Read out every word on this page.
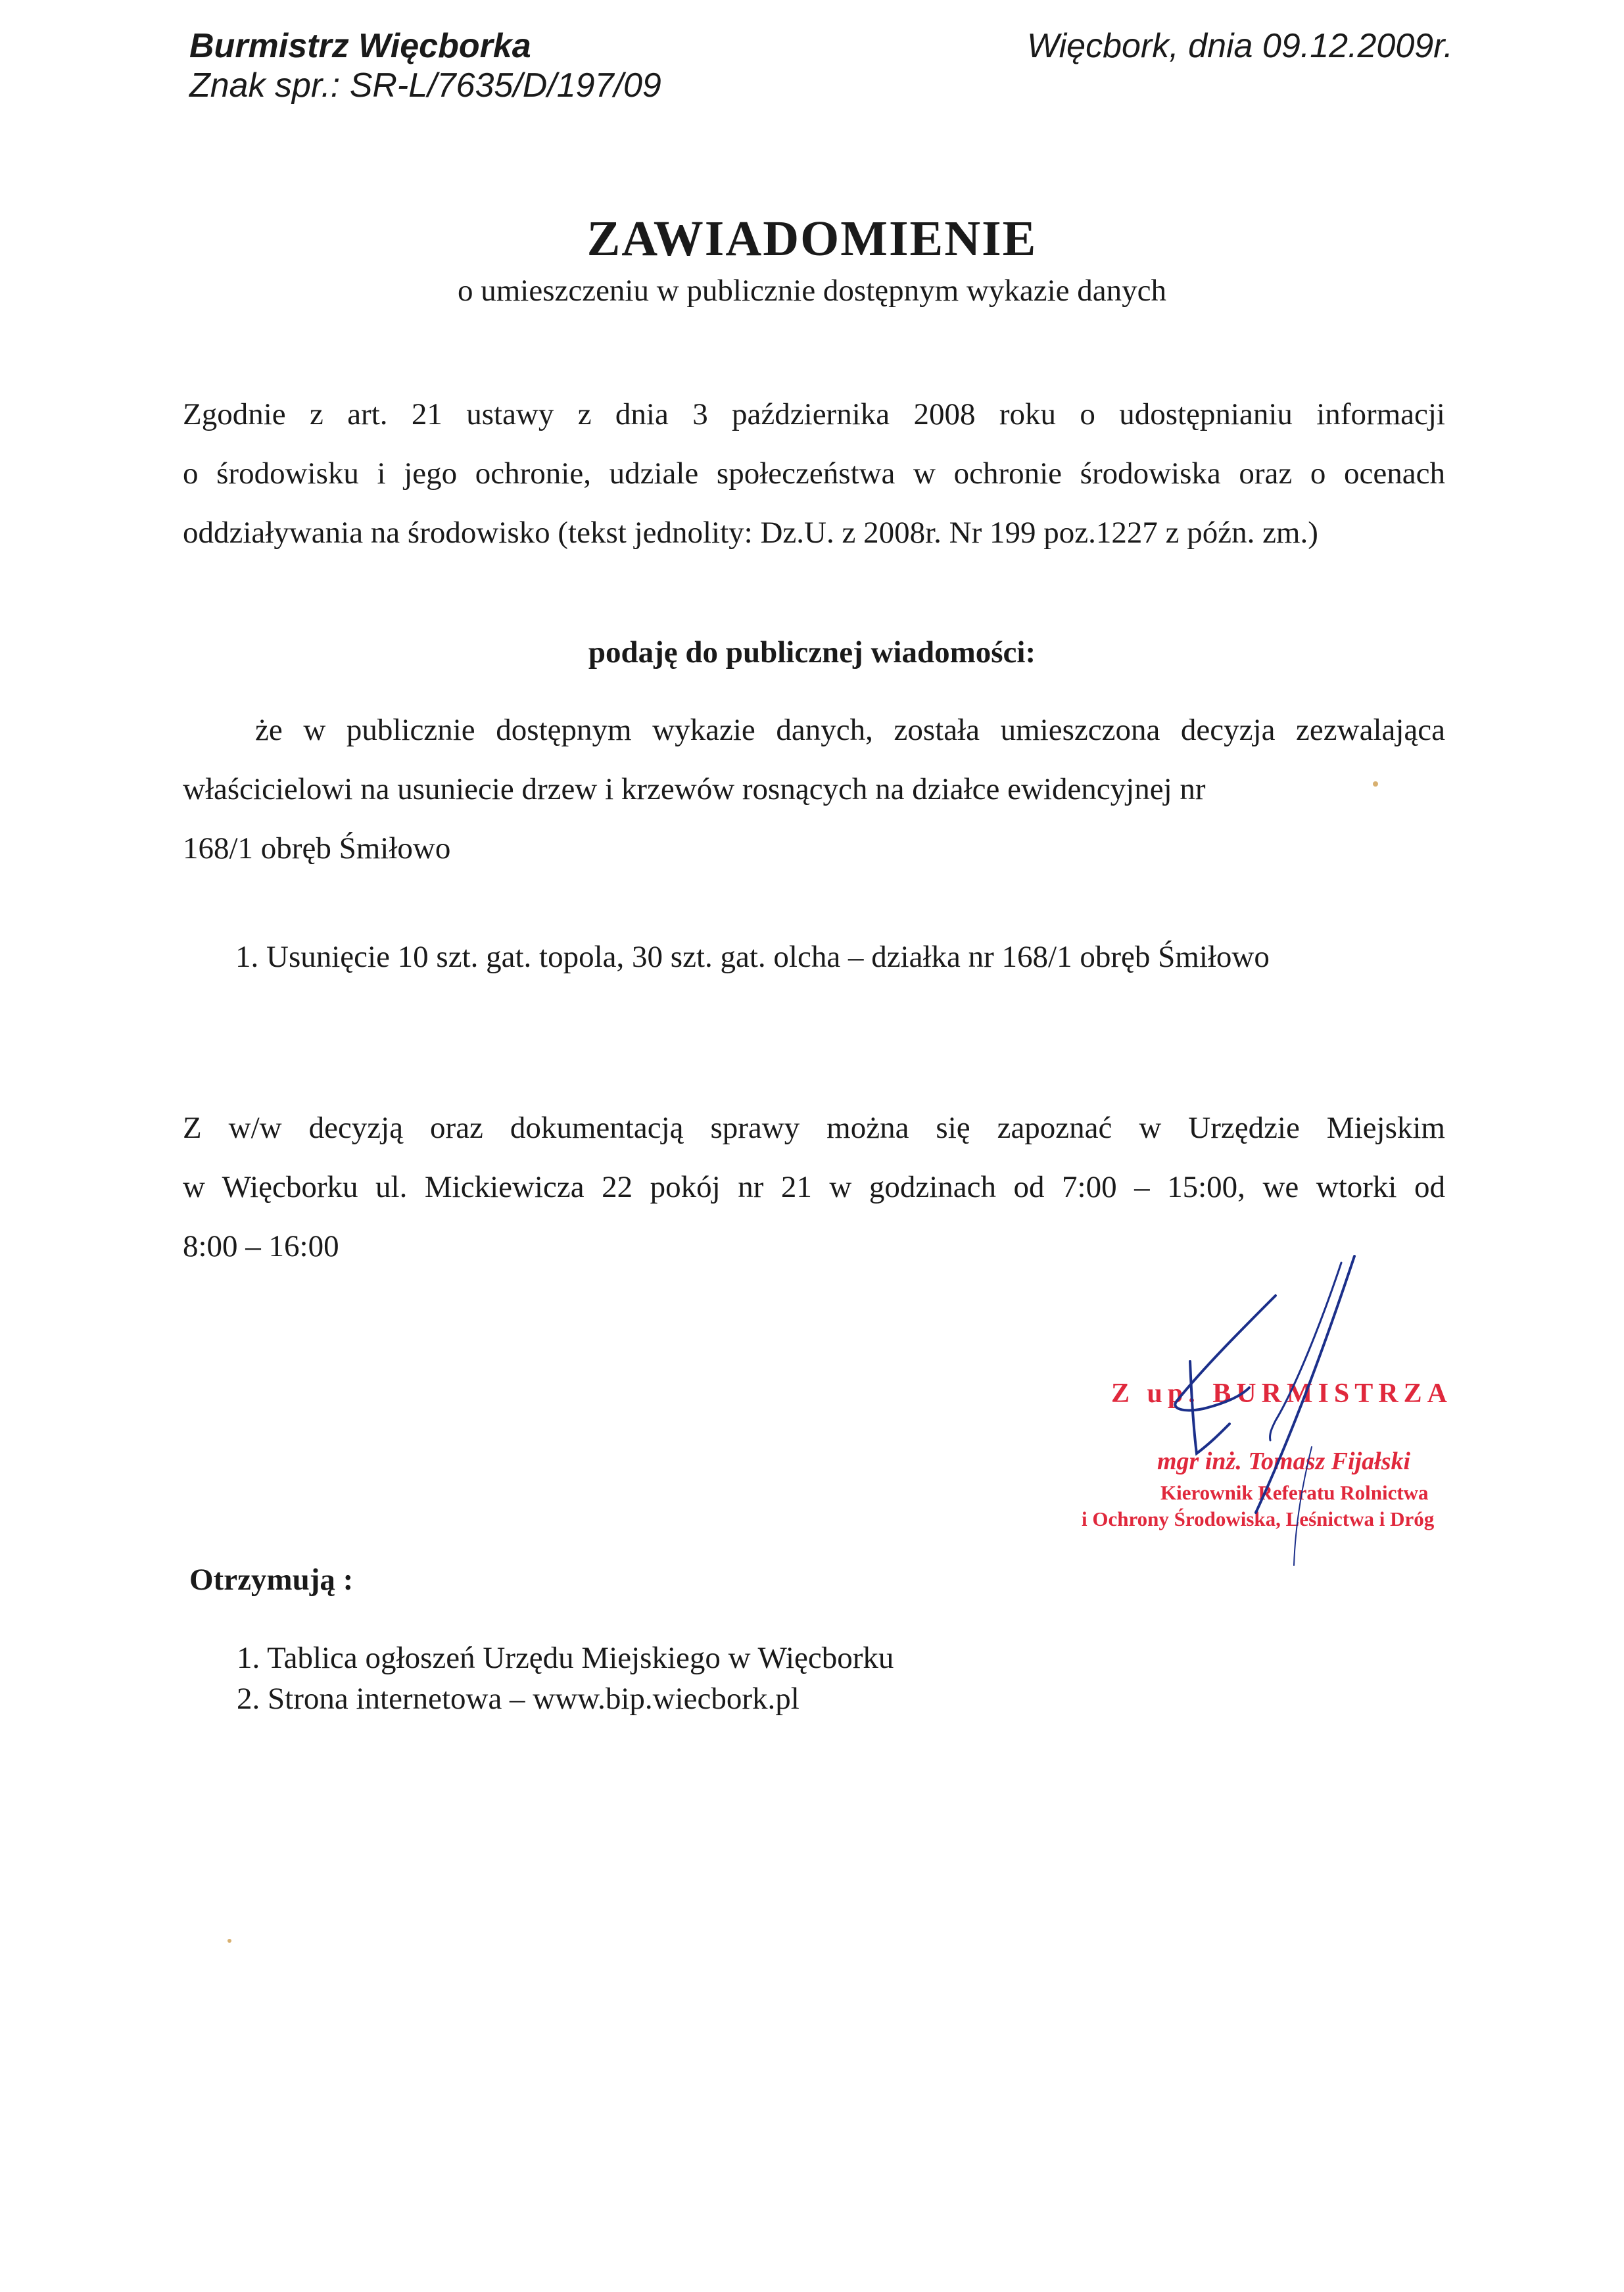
Burmistrz Więcborka
Znak spr.: SR-L/7635/D/197/09
Więcbork, dnia 09.12.2009r.
ZAWIADOMIENIE
o umieszczeniu w publicznie dostępnym wykazie danych
Zgodnie z art. 21 ustawy z dnia 3 października 2008 roku o udostępnianiu informacji
o środowisku i jego ochronie, udziale społeczeństwa w ochronie środowiska oraz o ocenach
oddziaływania na środowisko (tekst jednolity: Dz.U. z 2008r. Nr 199 poz.1227 z późn. zm.)
podaję do publicznej wiadomości:
że w publicznie dostępnym wykazie danych, została umieszczona decyzja zezwalająca
właścicielowi na usuniecie drzew i krzewów rosnących na działce ewidencyjnej nr
168/1 obręb Śmiłowo
1. Usunięcie 10 szt. gat. topola, 30 szt. gat. olcha – działka nr 168/1 obręb Śmiłowo
Z w/w decyzją oraz dokumentacją sprawy można się zapoznać w Urzędzie Miejskim
w Więcborku ul. Mickiewicza 22 pokój nr 21 w godzinach od 7:00 – 15:00, we wtorki od
8:00 – 16:00
Z up. BURMISTRZA
mgr inż. Tomasz Fijałski
Kierownik Referatu Rolnictwa
i Ochrony Środowiska, Leśnictwa i Dróg
Otrzymują :
1. Tablica ogłoszeń Urzędu Miejskiego w Więcborku
2. Strona internetowa – www.bip.wiecbork.pl
